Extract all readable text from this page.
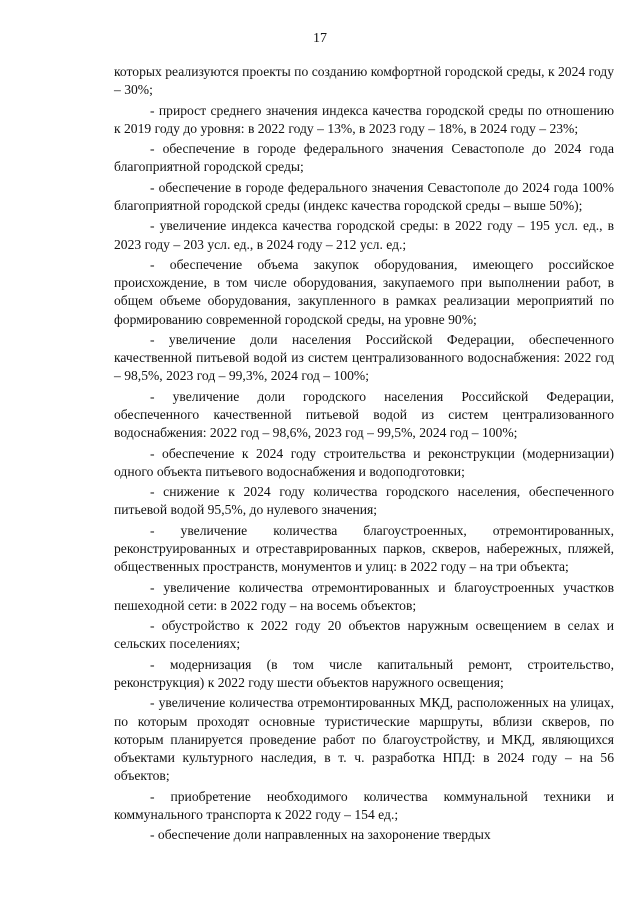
17

которых реализуются проекты по созданию комфортной городской среды, к 2024 году – 30%;

- прирост среднего значения индекса качества городской среды по отношению к 2019 году до уровня: в 2022 году – 13%, в 2023 году – 18%, в 2024 году – 23%;

- обеспечение в городе федерального значения Севастополе до 2024 года благоприятной городской среды;

- обеспечение в городе федерального значения Севастополе до 2024 года 100% благоприятной городской среды (индекс качества городской среды – выше 50%);

- увеличение индекса качества городской среды: в 2022 году – 195 усл. ед., в 2023 году – 203 усл. ед., в 2024 году – 212 усл. ед.;

- обеспечение объема закупок оборудования, имеющего российское происхождение, в том числе оборудования, закупаемого при выполнении работ, в общем объеме оборудования, закупленного в рамках реализации мероприятий по формированию современной городской среды, на уровне 90%;

- увеличение доли населения Российской Федерации, обеспеченного качественной питьевой водой из систем централизованного водоснабжения: 2022 год – 98,5%, 2023 год – 99,3%, 2024 год – 100%;

- увеличение доли городского населения Российской Федерации, обеспеченного качественной питьевой водой из систем централизованного водоснабжения: 2022 год – 98,6%, 2023 год – 99,5%, 2024 год – 100%;

- обеспечение к 2024 году строительства и реконструкции (модернизации) одного объекта питьевого водоснабжения и водоподготовки;

- снижение к 2024 году количества городского населения, обеспеченного питьевой водой 95,5%, до нулевого значения;

- увеличение количества благоустроенных, отремонтированных, реконструированных и отреставрированных парков, скверов, набережных, пляжей, общественных пространств, монументов и улиц: в 2022 году – на три объекта;

- увеличение количества отремонтированных и благоустроенных участков пешеходной сети: в 2022 году – на восемь объектов;

- обустройство к 2022 году 20 объектов наружным освещением в селах и сельских поселениях;

- модернизация (в том числе капитальный ремонт, строительство, реконструкция) к 2022 году шести объектов наружного освещения;

- увеличение количества отремонтированных МКД, расположенных на улицах, по которым проходят основные туристические маршруты, вблизи скверов, по которым планируется проведение работ по благоустройству, и МКД, являющихся объектами культурного наследия, в т. ч. разработка НПД: в 2024 году – на 56 объектов;

- приобретение необходимого количества коммунальной техники и коммунального транспорта к 2022 году – 154 ед.;

- обеспечение доли направленных на захоронение твердых
